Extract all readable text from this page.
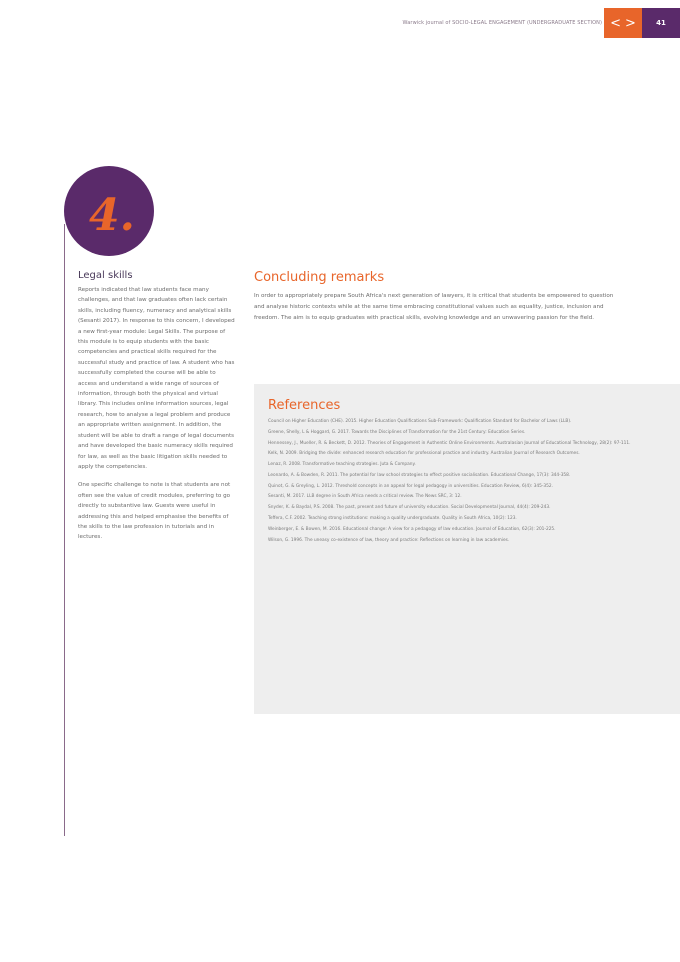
Warwick journal of SOCIO-LEGAL ENGAGEMENT (UNDERGRADUATE SECTION) < >	41
4.
Legal skills

Reports indicated that law students face many challenges, and that law graduates often lack certain skills, including fluency, numeracy and analytical skills (Sesanti 2017). In response to this concern, I developed a new first-year module: Legal Skills. The purpose of this module is to equip students with the basic competencies and practical skills required for the successful study and practice of law. A student who has successfully completed the course will be able to access and understand a wide range of sources of information, through both the physical and virtual library. This includes online information sources, legal research, how to analyse a legal problem and produce an appropriate written assignment. In addition, the student will be able to draft a range of legal documents and have developed the basic numeracy skills required for law, as well as the basic litigation skills needed to apply the competencies.

One specific challenge to note is that students are not often see the value of credit modules, preferring to go directly to substantive law. Guests were useful in addressing this and helped emphasise the benefits of the skills to the law profession in tutorials and in lectures.

Concluding remarks

In order to appropriately prepare South Africa's next generation of lawyers, it is critical that students be empowered to question and analyse historic contexts while at the same time embracing constitutional values such as equality, justice, inclusion and freedom. The aim is to equip graduates with practical skills, evolving knowledge and an unwavering passion for the field.

References

Council on Higher Education (CHE). 2015. Higher Education Qualifications Sub-Framework: Qualification Standard for Bachelor of Laws (LLB).

Greene, Shelly, L & Hoggard, G. 2017. Towards the Disciplines of Transformation for the 21st Century: Education Series.

Hennessey, J., Mueller, R. & Beckett, D. 2012. Theories of Engagement in Authentic Online Environments. Australasian Journal of Educational Technology, 28(2): 97-111.

Kelk, N. 2009. Bridging the divide: enhanced research education for professional practice and industry. Australian Journal of Research Outcomes.

Lenaz, R. 2008. Transformative teaching strategies. Juta & Company.

Leonardo, A. & Bowden, R. 2011. The potential for law school strategies to effect positive socialisation. Educational Change, 17(3): 344-358.

Quinot, G. & Greyling, L. 2012. Threshold concepts in an appeal for legal pedagogy in universities. Education Review, 6(4): 345-352.

Sesanti, M. 2017. LLB degree in South Africa needs a critical review. The News SRC, 3: 12.

Snyder, K. & Baydal, P.S. 2008. The past, present and future of university education. Social Developmental Journal, 44(4): 209-243.

Teffera, C.F. 2002. Teaching strong institutions: making a quality undergraduate. Quality in South Africa, 10(2): 123.

Weinberger, E. & Bowen, M. 2016. Educational change: A view for a pedagogy of law education. Journal of Education, 62(3): 201-225.

Wilson, G. 1996. The uneasy co-existence of law, theory and practice: Reflections on learning in law academies.
